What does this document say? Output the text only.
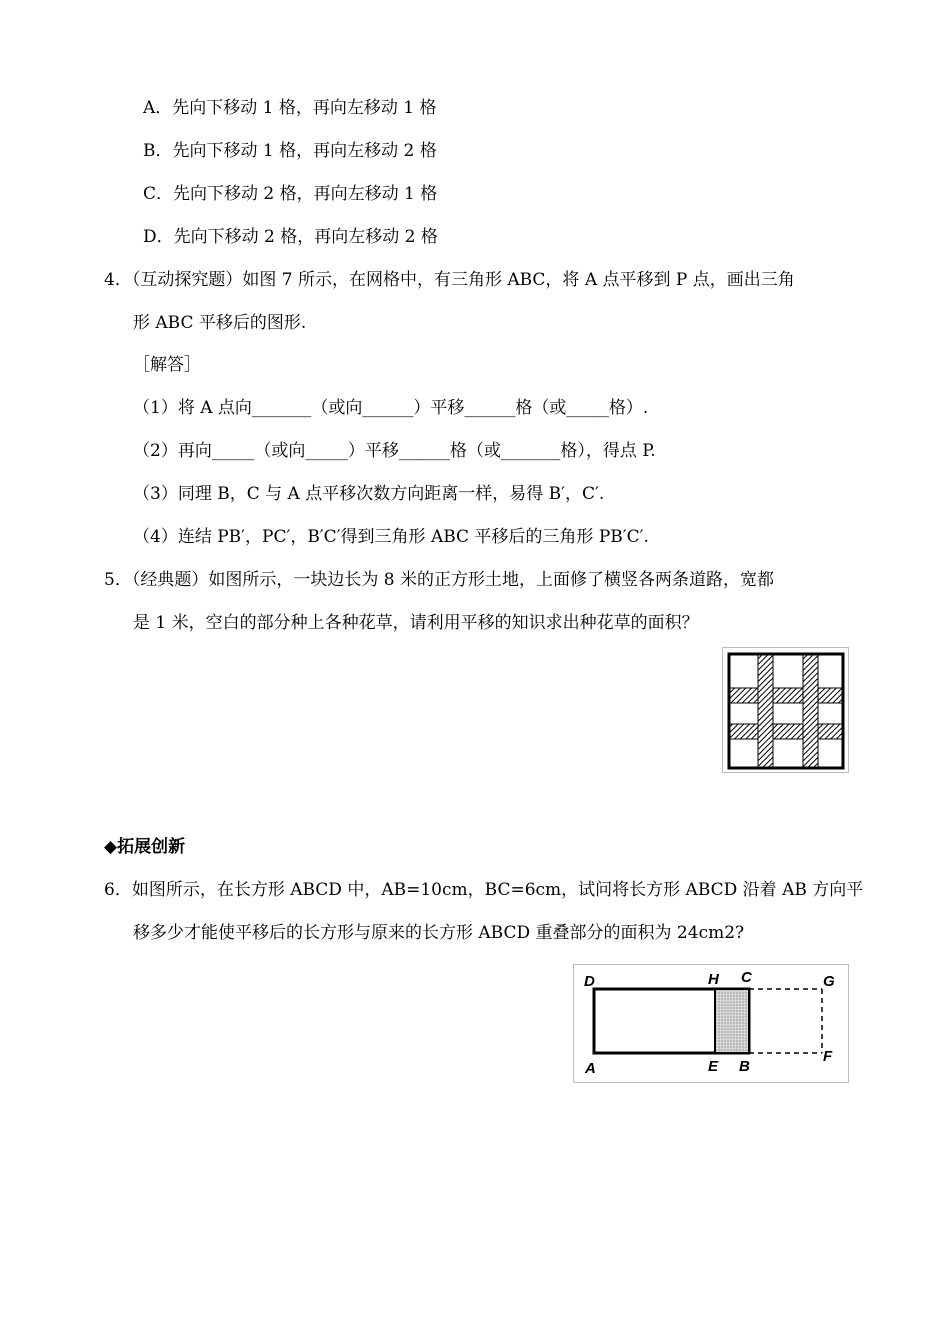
A．先向下移动 1 格，再向左移动 1 格
B．先向下移动 1 格，再向左移动 2 格
C．先向下移动 2 格，再向左移动 1 格
D．先向下移动 2 格，再向左移动 2 格
4．（互动探究题）如图 7 所示，在网格中，有三角形 ABC，将 A 点平移到 P 点，画出三角
形 ABC 平移后的图形.
［解答］
（1）将 A 点向_______（或向______）平移______格（或_____格）.
（2）再向_____（或向_____）平移______格（或_______格），得点 P.
（3）同理 B，C 与 A 点平移次数方向距离一样，易得 B′，C′.
（4）连结 PB′，PC′，B′C′得到三角形 ABC 平移后的三角形 PB′C′.
5．（经典题）如图所示，一块边长为 8 米的正方形土地，上面修了横竖各两条道路，宽都
是 1 米，空白的部分种上各种花草，请利用平移的知识求出种花草的面积？
◆拓展创新
6．如图所示，在长方形 ABCD 中，AB=10cm，BC=6cm，试问将长方形 ABCD 沿着 AB 方向平
移多少才能使平移后的长方形与原来的长方形 ABCD 重叠部分的面积为 24cm2?
D	H C	G
A	E B
F
